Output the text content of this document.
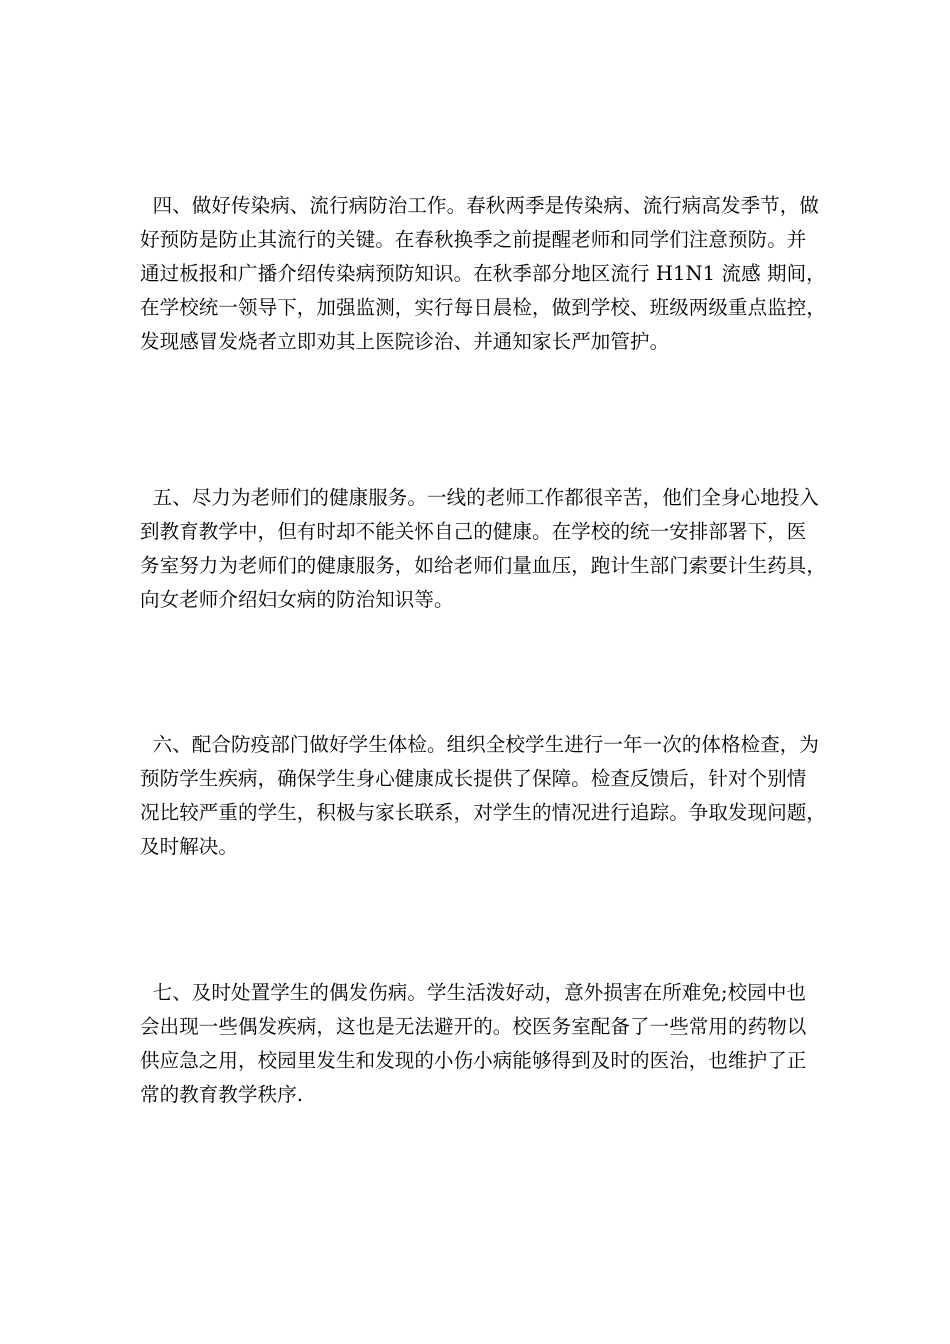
四、做好传染病、流行病防治工作。春秋两季是传染病、流行病高发季节，做
好预防是防止其流行的关键。在春秋换季之前提醒老师和同学们注意预防。并
通过板报和广播介绍传染病预防知识。在秋季部分地区流行 H1N1 流感 期间，
在学校统一领导下，加强监测，实行每日晨检，做到学校、班级两级重点监控，
发现感冒发烧者立即劝其上医院诊治、并通知家长严加管护。
五、尽力为老师们的健康服务。一线的老师工作都很辛苦，他们全身心地投入
到教育教学中，但有时却不能关怀自己的健康。在学校的统一安排部署下，医
务室努力为老师们的健康服务，如给老师们量血压，跑计生部门索要计生药具，
向女老师介绍妇女病的防治知识等。
六、配合防疫部门做好学生体检。组织全校学生进行一年一次的体格检查，为
预防学生疾病，确保学生身心健康成长提供了保障。检查反馈后，针对个别情
况比较严重的学生，积极与家长联系，对学生的情况进行追踪。争取发现问题，
及时解决。
七、及时处置学生的偶发伤病。学生活泼好动，意外损害在所难免;校园中也
会出现一些偶发疾病，这也是无法避开的。校医务室配备了一些常用的药物以
供应急之用，校园里发生和发现的小伤小病能够得到及时的医治，也维护了正
常的教育教学秩序.
